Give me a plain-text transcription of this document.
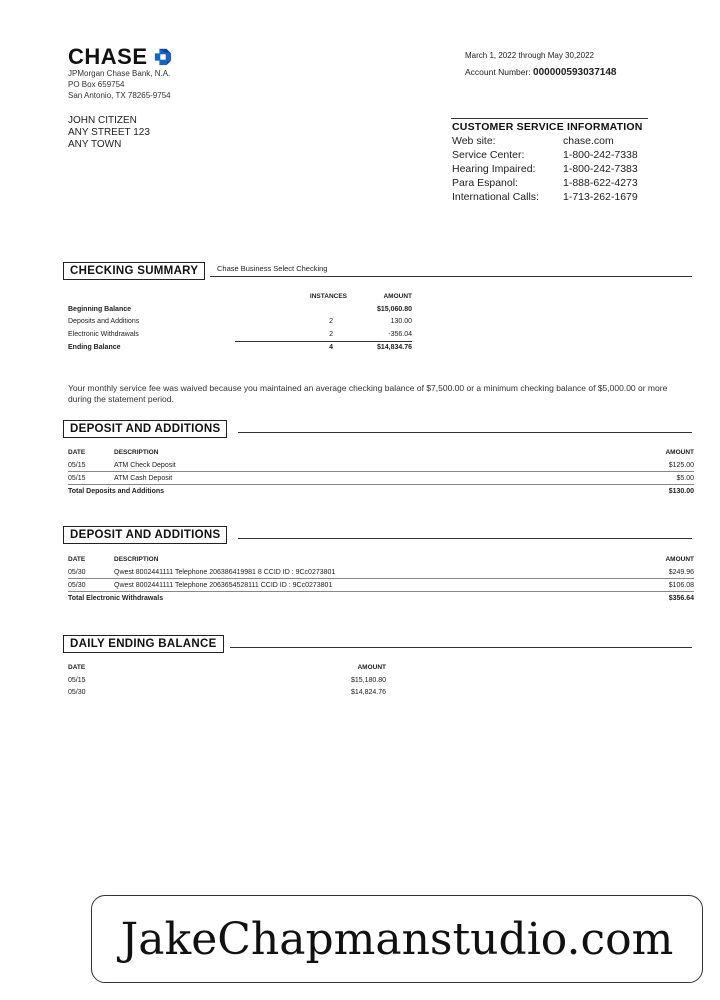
CHASE
JPMorgan Chase Bank, N.A.
PO Box 659754
San Antonio, TX 78265-9754
JOHN CITIZEN
ANY STREET 123
ANY TOWN
March 1, 2022 through May 30,2022
Account Number: 000000593037148
CUSTOMER SERVICE INFORMATION
Web site:	chase.com
Service Center:	1-800-242-7338
Hearing Impaired:	1-800-242-7383
Para Espanol:	1-888-622-4273
International Calls:	1-713-262-1679
CHECKING SUMMARY	Chase Business Select Checking
	INSTANCES	AMOUNT
Beginning Balance		$15,060.80
Deposits and Additions	2	130.00
Electronic Withdrawals	2	-356.04
Ending Balance	4	$14,834.76
Your monthly service fee was waived because you maintained an average checking balance of $7,500.00 or a minimum checking balance of $5,000.00 or more during the statement period.
DEPOSIT AND ADDITIONS
DATE	DESCRIPTION	AMOUNT
05/15	ATM Check Deposit	$125.00
05/15	ATM Cash Deposit	$5.00
Total Deposits and Additions		$130.00
DEPOSIT AND ADDITIONS
DATE	DESCRIPTION	AMOUNT
05/30	Qwest 8002441111 Telephone 206386419981 8 CCID ID : 9Cc0273801	$249.96
05/30	Qwest 8002441111 Telephone 2063654528111 CCID ID : 9Cc0273801	$106.08
Total Electronic Withdrawals		$356.64
DAILY ENDING BALANCE
DATE	AMOUNT
05/15	$15,180.80
05/30	$14,824.76
JakeChapmanstudio.com
